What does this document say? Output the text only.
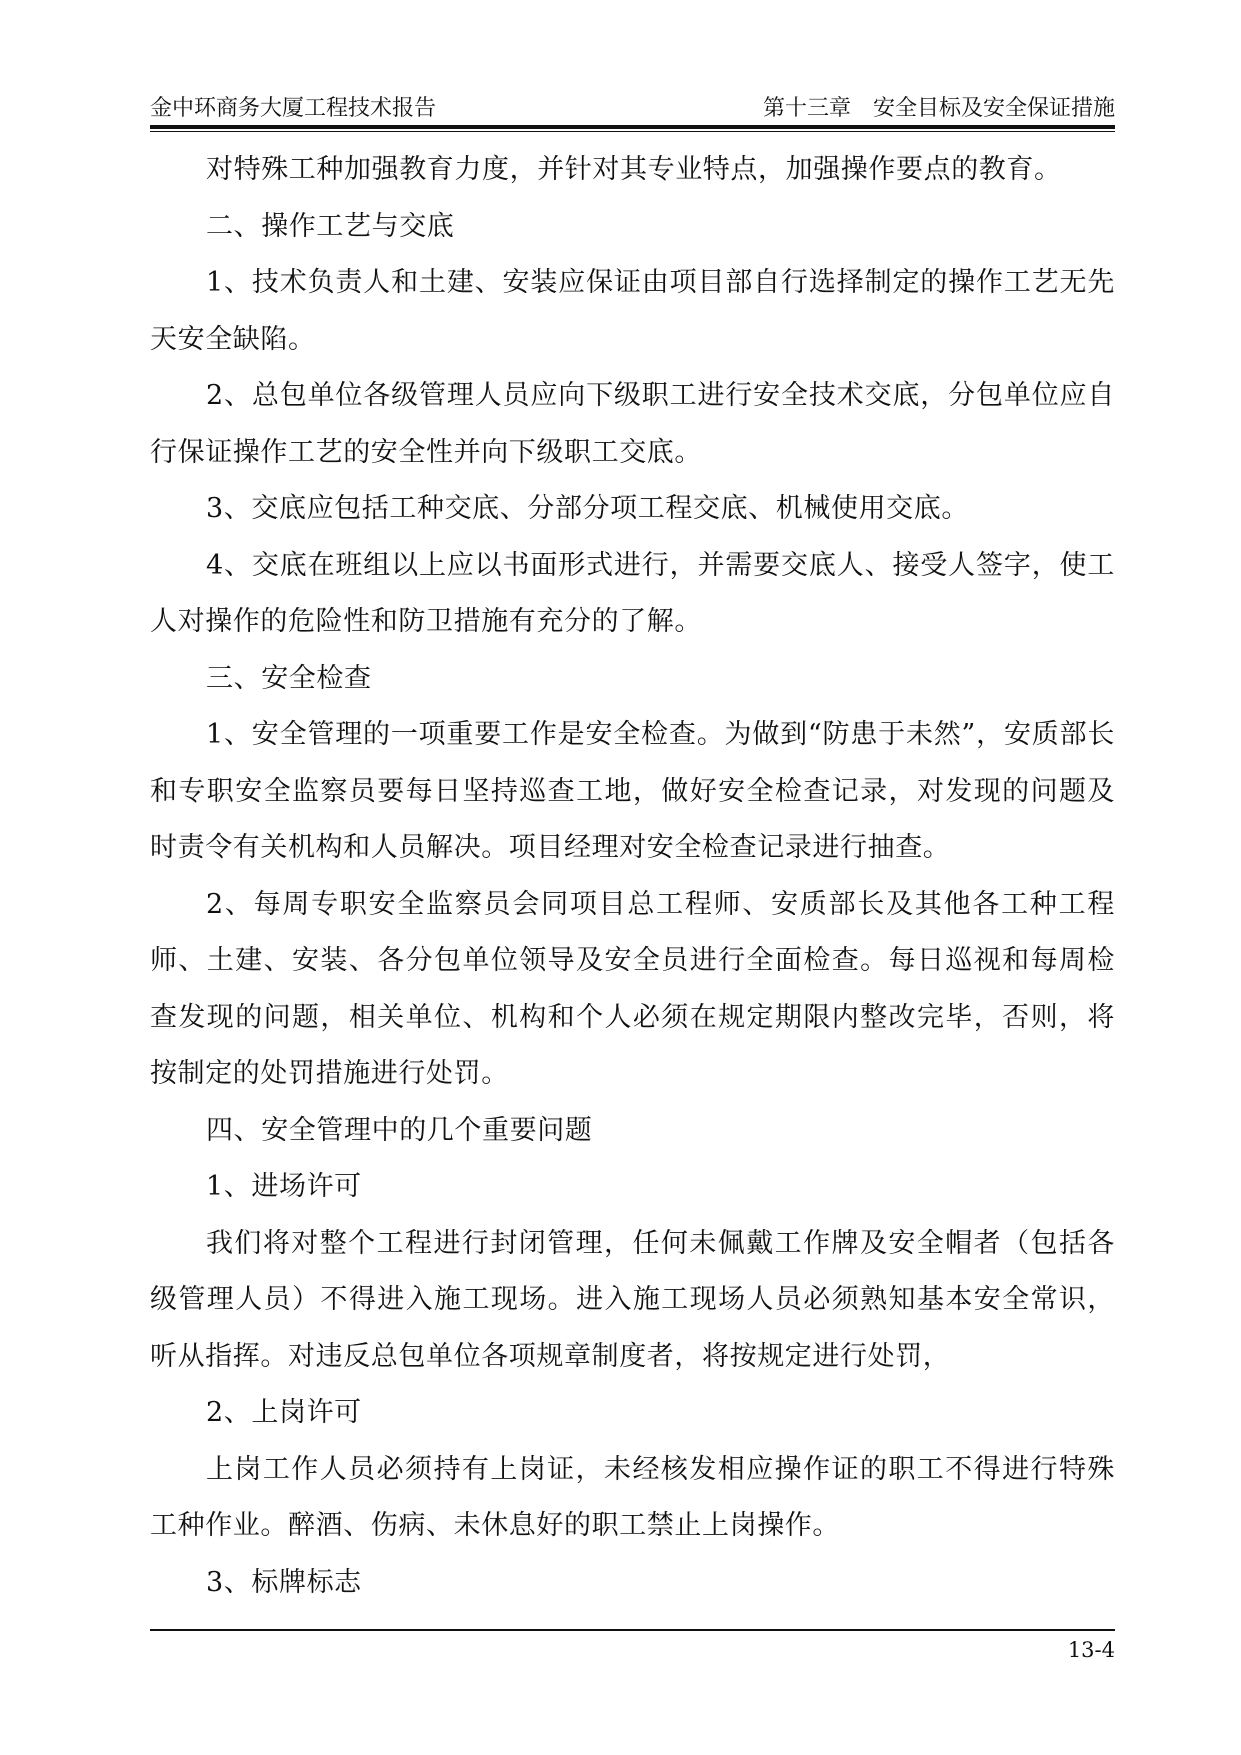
金中环商务大厦工程技术报告	第十三章　安全目标及安全保证措施

对特殊工种加强教育力度，并针对其专业特点，加强操作要点的教育。

二、操作工艺与交底

1、技术负责人和土建、安装应保证由项目部自行选择制定的操作工艺无先天安全缺陷。

2、总包单位各级管理人员应向下级职工进行安全技术交底，分包单位应自行保证操作工艺的安全性并向下级职工交底。

3、交底应包括工种交底、分部分项工程交底、机械使用交底。

4、交底在班组以上应以书面形式进行，并需要交底人、接受人签字，使工人对操作的危险性和防卫措施有充分的了解。

三、安全检查

1、安全管理的一项重要工作是安全检查。为做到“防患于未然”，安质部长和专职安全监察员要每日坚持巡查工地，做好安全检查记录，对发现的问题及时责令有关机构和人员解决。项目经理对安全检查记录进行抽查。

2、每周专职安全监察员会同项目总工程师、安质部长及其他各工种工程师、土建、安装、各分包单位领导及安全员进行全面检查。每日巡视和每周检查发现的问题，相关单位、机构和个人必须在规定期限内整改完毕，否则，将按制定的处罚措施进行处罚。

四、安全管理中的几个重要问题

1、进场许可

我们将对整个工程进行封闭管理，任何未佩戴工作牌及安全帽者（包括各级管理人员）不得进入施工现场。进入施工现场人员必须熟知基本安全常识，听从指挥。对违反总包单位各项规章制度者，将按规定进行处罚，

2、上岗许可

上岗工作人员必须持有上岗证，未经核发相应操作证的职工不得进行特殊工种作业。醉酒、伤病、未休息好的职工禁止上岗操作。

3、标牌标志

13-4
